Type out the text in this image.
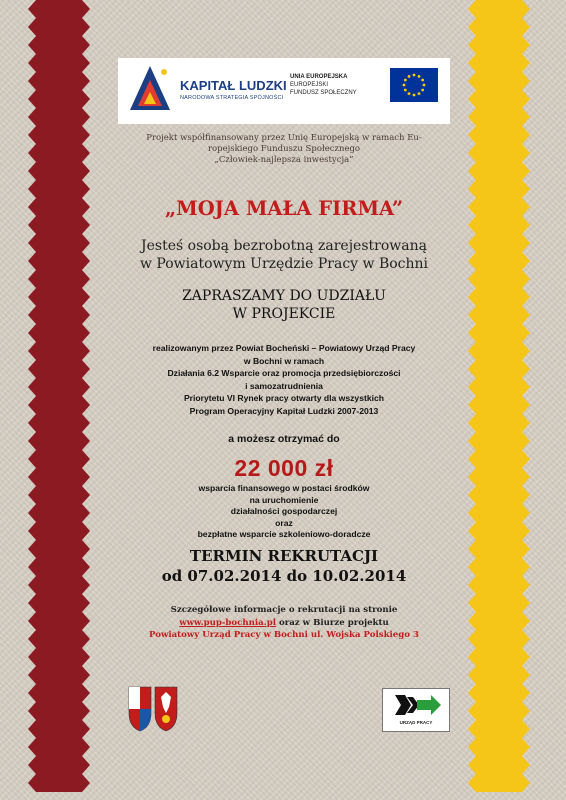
KAPITAŁ LUDZKI
NARODOWA STRATEGIA SPÓJNOŚCI
UNIA EUROPEJSKA
EUROPEJSKI
FUNDUSZ SPOŁECZNY
Projekt współfinansowany przez Unię Europejską w ramach Eu-
ropejskiego Funduszu Społecznego
„Człowiek-najlepsza inwestycja”
„MOJA MAŁA FIRMA”
Jesteś osobą bezrobotną zarejestrowaną
w Powiatowym Urzędzie Pracy w Bochni
ZAPRASZAMY DO UDZIAŁU
W PROJEKCIE
realizowanym przez Powiat Bocheński – Powiatowy Urząd Pracy
w Bochni w ramach
Działania 6.2 Wsparcie oraz promocja przedsiębiorczości
i samozatrudnienia
Priorytetu VI Rynek pracy otwarty dla wszystkich
Program Operacyjny Kapitał Ludzki 2007-2013
a możesz otrzymać do
22 000 zł
wsparcia finansowego w postaci środków
na uruchomienie
działalności gospodarczej
oraz
bezpłatne wsparcie szkoleniowo-doradcze
TERMIN REKRUTACJI
od 07.02.2014 do 10.02.2014
Szczegółowe informacje o rekrutacji na stronie
www.pup-bochnia.pl oraz w Biurze projektu
Powiatowy Urząd Pracy w Bochni ul. Wojska Polskiego 3
URZĄD PRACY
